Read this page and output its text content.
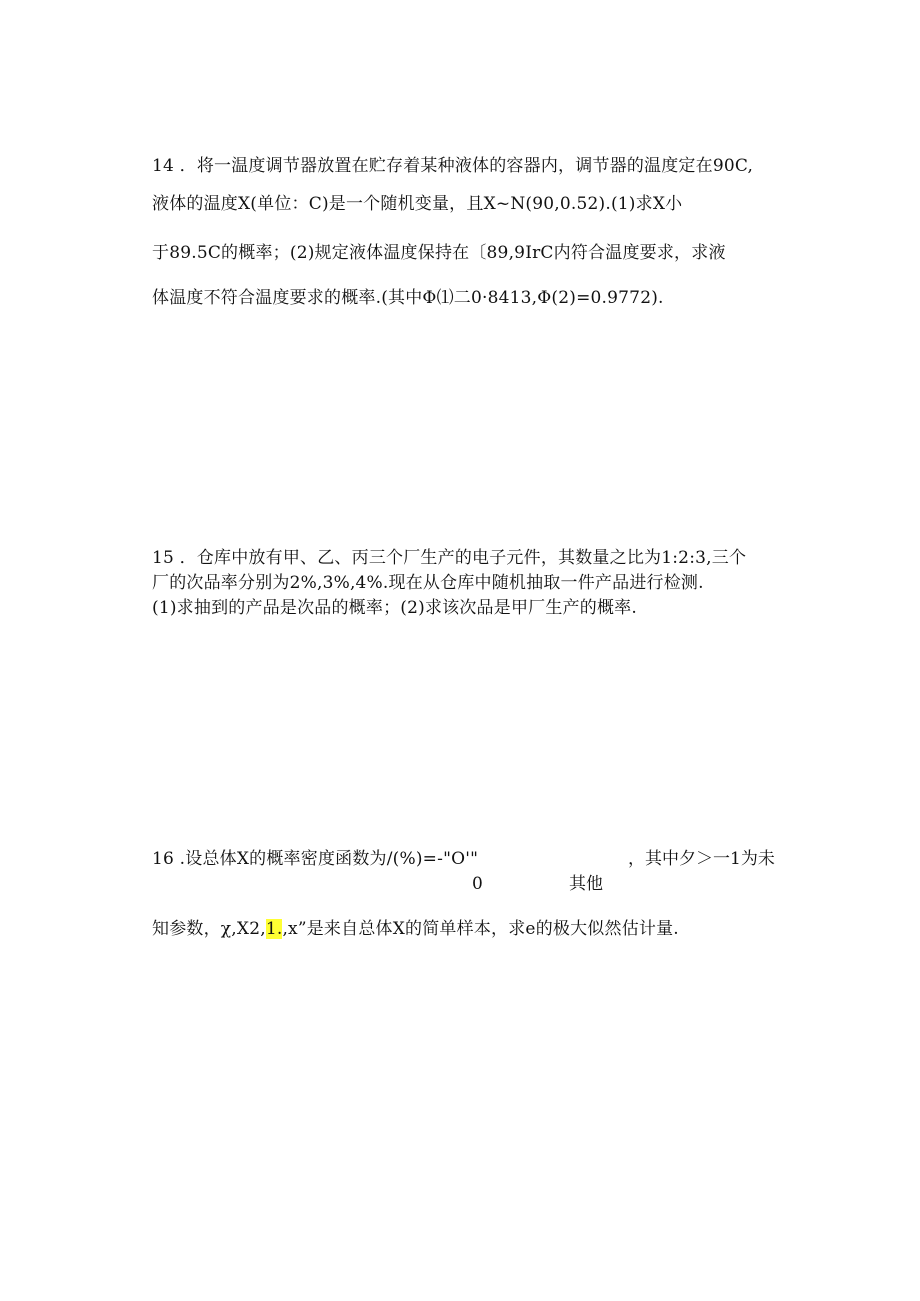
14 ．将一温度调节器放置在贮存着某种液体的容器内，调节器的温度定在90C,
液体的温度X(单位：C)是一个随机变量，且X~N(90,0.52).(1)求X小
于89.5C的概率；(2)规定液体温度保持在〔89,9IrC内符合温度要求，求液
体温度不符合温度要求的概率.(其中Φ⑴二0·8413,Φ(2)=0.9772).
15 ．仓库中放有甲、乙、丙三个厂生产的电子元件，其数量之比为1:2:3,三个
厂的次品率分别为2%,3%,4%.现在从仓库中随机抽取一件产品进行检测.
(1)求抽到的产品是次品的概率；(2)求该次品是甲厂生产的概率.
16 .设总体X的概率密度函数为/(%)=-"O'"	，其中夕＞一1为未
0	其他
知参数，χ,X2,1.,x”是来自总体X的简单样本，求e的极大似然估计量.
